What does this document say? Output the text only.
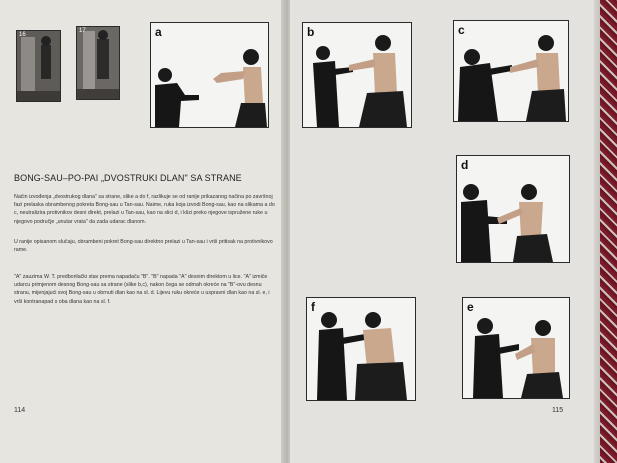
16
17	a
BONG-SAU–PO-PAI „DVOSTRUKI DLAN" SA STRANE

Način izvođenja „dvostrukog dlana" sa strane, slike a do f, razlikuje se od ranije prikazanog načina po završnoj fazi prelaska obrambenog pokreta Bong-sau u Tan-sau. Naime, ruka koja izvodi Bong-sau, kao na slikama a do c, neutralizira protivnikov desni direkt, prelazi u Tan-sau, kao na slici d, i klizi preko njegove ispružene ruke u njegovo područje „unutar vrata" da zada udarac dlanom.

U ranije opisanom slučaju, obrambeni pokret Bong-sau direktno prelazi u Tan-sau i vrši pritisak na protivnikovo rame.

"A" zauzima W. T. predborilački stav prema napadaču "B". "B" napada "A" desnim direktom u lice. "A" izmiče udarcu primjenom desnog Bong-sau sa strane (slike b,c), nakon čega se odmah okreće na "B"-ovu desnu stranu, mijenjajući svoj Bong-sau u obrnuti dlan kao na sl. d. Lijevu ruku okreće u uspravni dlan kao na sl. e, i vrši kontranapad s oba dlana kao na sl. f.

114
b	c
d
f	e
115
